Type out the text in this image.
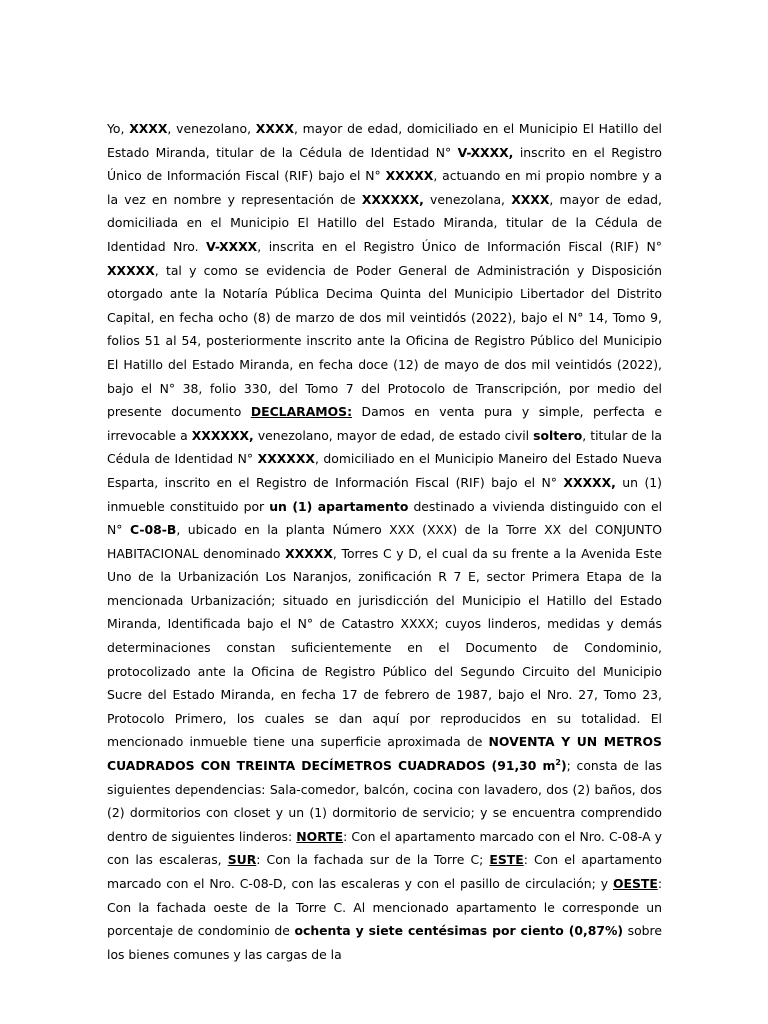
Yo, XXXX, venezolano, XXXX, mayor de edad, domiciliado en el Municipio El Hatillo del Estado Miranda, titular de la Cédula de Identidad N° V-XXXX, inscrito en el Registro Único de Información Fiscal (RIF) bajo el N° XXXXX, actuando en mi propio nombre y a la vez en nombre y representación de XXXXXX, venezolana, XXXX, mayor de edad, domiciliada en el Municipio El Hatillo del Estado Miranda, titular de la Cédula de Identidad Nro. V-XXXX, inscrita en el Registro Único de Información Fiscal (RIF) N° XXXXX, tal y como se evidencia de Poder General de Administración y Disposición otorgado ante la Notaría Pública Decima Quinta del Municipio Libertador del Distrito Capital, en fecha ocho (8) de marzo de dos mil veintidós (2022), bajo el N° 14, Tomo 9, folios 51 al 54, posteriormente inscrito ante la Oficina de Registro Público del Municipio El Hatillo del Estado Miranda, en fecha doce (12) de mayo de dos mil veintidós (2022), bajo el N° 38, folio 330, del Tomo 7 del Protocolo de Transcripción, por medio del presente documento DECLARAMOS: Damos en venta pura y simple, perfecta e irrevocable a XXXXXX, venezolano, mayor de edad, de estado civil soltero, titular de la Cédula de Identidad N° XXXXXX, domiciliado en el Municipio Maneiro del Estado Nueva Esparta, inscrito en el Registro de Información Fiscal (RIF) bajo el N° XXXXX, un (1) inmueble constituido por un (1) apartamento destinado a vivienda distinguido con el N° C-08-B, ubicado en la planta Número XXX (XXX) de la Torre XX del CONJUNTO HABITACIONAL denominado XXXXX, Torres C y D, el cual da su frente a la Avenida Este Uno de la Urbanización Los Naranjos, zonificación R 7 E, sector Primera Etapa de la mencionada Urbanización; situado en jurisdicción del Municipio el Hatillo del Estado Miranda, Identificada bajo el N° de Catastro XXXX; cuyos linderos, medidas y demás determinaciones constan suficientemente en el Documento de Condominio, protocolizado ante la Oficina de Registro Público del Segundo Circuito del Municipio Sucre del Estado Miranda, en fecha 17 de febrero de 1987, bajo el Nro. 27, Tomo 23, Protocolo Primero, los cuales se dan aquí por reproducidos en su totalidad. El mencionado inmueble tiene una superficie aproximada de NOVENTA Y UN METROS CUADRADOS CON TREINTA DECÍMETROS CUADRADOS (91,30 $m^2$); consta de las siguientes dependencias: Sala-comedor, balcón, cocina con lavadero, dos (2) baños, dos (2) dormitorios con closet y un (1) dormitorio de servicio; y se encuentra comprendido dentro de siguientes linderos: NORTE: Con el apartamento marcado con el Nro. C-08-A y con las escaleras, SUR: Con la fachada sur de la Torre C; ESTE: Con el apartamento marcado con el Nro. C-08-D, con las escaleras y con el pasillo de circulación; y OESTE: Con la fachada oeste de la Torre C. Al mencionado apartamento le corresponde un porcentaje de condominio de ochenta y siete centésimas por ciento (0,87%) sobre los bienes comunes y las cargas de la
